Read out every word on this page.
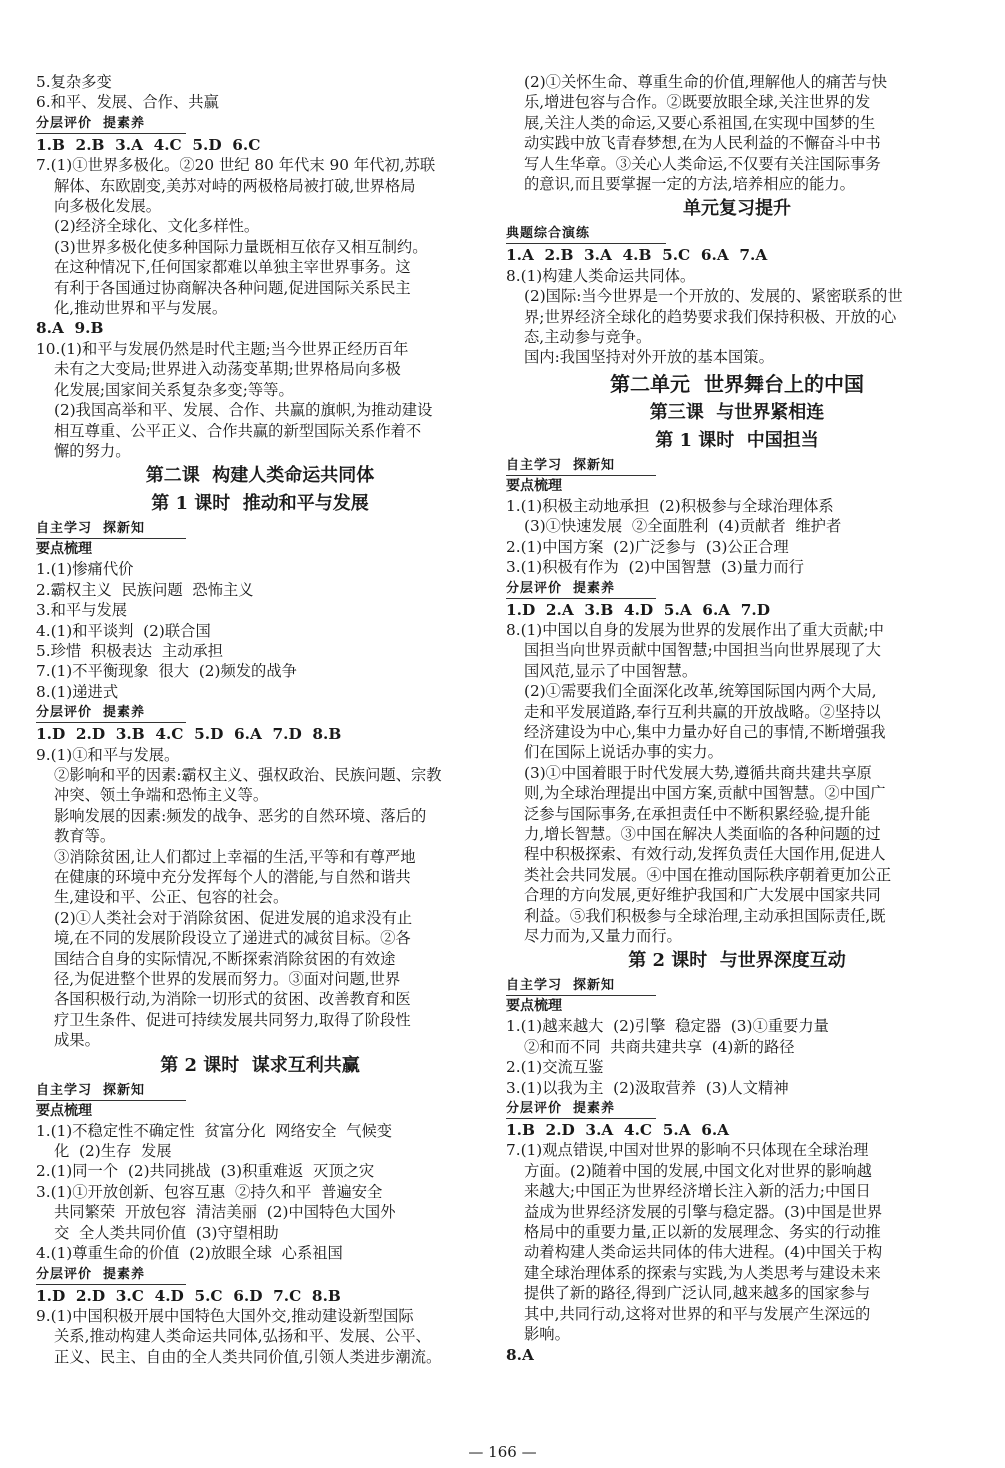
5.复杂多变
6.和平、发展、合作、共赢
分层评价  提素养
1.B  2.B  3.A  4.C  5.D  6.C
7.(1)①世界多极化。②20 世纪 80 年代末 90 年代初,苏联
解体、东欧剧变,美苏对峙的两极格局被打破,世界格局
向多极化发展。
(2)经济全球化、文化多样性。
(3)世界多极化使多种国际力量既相互依存又相互制约。
在这种情况下,任何国家都难以单独主宰世界事务。这
有利于各国通过协商解决各种问题,促进国际关系民主
化,推动世界和平与发展。
8.A  9.B
10.(1)和平与发展仍然是时代主题;当今世界正经历百年
未有之大变局;世界进入动荡变革期;世界格局向多极
化发展;国家间关系复杂多变;等等。
(2)我国高举和平、发展、合作、共赢的旗帜,为推动建设
相互尊重、公平正义、合作共赢的新型国际关系作着不
懈的努力。
第二课  构建人类命运共同体
第 1 课时  推动和平与发展
自主学习  探新知
要点梳理
1.(1)惨痛代价
2.霸权主义  民族问题  恐怖主义
3.和平与发展
4.(1)和平谈判  (2)联合国
5.珍惜  积极表达  主动承担
7.(1)不平衡现象  很大  (2)频发的战争
8.(1)递进式
分层评价  提素养
1.D  2.D  3.B  4.C  5.D  6.A  7.D  8.B
9.(1)①和平与发展。
②影响和平的因素:霸权主义、强权政治、民族问题、宗教
冲突、领土争端和恐怖主义等。
影响发展的因素:频发的战争、恶劣的自然环境、落后的
教育等。
③消除贫困,让人们都过上幸福的生活,平等和有尊严地
在健康的环境中充分发挥每个人的潜能,与自然和谐共
生,建设和平、公正、包容的社会。
(2)①人类社会对于消除贫困、促进发展的追求没有止
境,在不同的发展阶段设立了递进式的减贫目标。②各
国结合自身的实际情况,不断探索消除贫困的有效途
径,为促进整个世界的发展而努力。③面对问题,世界
各国积极行动,为消除一切形式的贫困、改善教育和医
疗卫生条件、促进可持续发展共同努力,取得了阶段性
成果。
第 2 课时  谋求互利共赢
自主学习  探新知
要点梳理
1.(1)不稳定性不确定性  贫富分化  网络安全  气候变
化  (2)生存  发展
2.(1)同一个  (2)共同挑战  (3)积重难返  灭顶之灾
3.(1)①开放创新、包容互惠  ②持久和平  普遍安全
共同繁荣  开放包容  清洁美丽  (2)中国特色大国外
交  全人类共同价值  (3)守望相助
4.(1)尊重生命的价值  (2)放眼全球  心系祖国
分层评价  提素养
1.D  2.D  3.C  4.D  5.C  6.D  7.C  8.B
9.(1)中国积极开展中国特色大国外交,推动建设新型国际
关系,推动构建人类命运共同体,弘扬和平、发展、公平、
正义、民主、自由的全人类共同价值,引领人类进步潮流。
(2)①关怀生命、尊重生命的价值,理解他人的痛苦与快
乐,增进包容与合作。②既要放眼全球,关注世界的发
展,关注人类的命运,又要心系祖国,在实现中国梦的生
动实践中放飞青春梦想,在为人民利益的不懈奋斗中书
写人生华章。③关心人类命运,不仅要有关注国际事务
的意识,而且要掌握一定的方法,培养相应的能力。
单元复习提升
典题综合演练
1.A  2.B  3.A  4.B  5.C  6.A  7.A
8.(1)构建人类命运共同体。
(2)国际:当今世界是一个开放的、发展的、紧密联系的世
界;世界经济全球化的趋势要求我们保持积极、开放的心
态,主动参与竞争。
国内:我国坚持对外开放的基本国策。
第二单元  世界舞台上的中国
第三课  与世界紧相连
第 1 课时  中国担当
自主学习  探新知
要点梳理
1.(1)积极主动地承担  (2)积极参与全球治理体系
(3)①快速发展  ②全面胜利  (4)贡献者  维护者
2.(1)中国方案  (2)广泛参与  (3)公正合理
3.(1)积极有作为  (2)中国智慧  (3)量力而行
分层评价  提素养
1.D  2.A  3.B  4.D  5.A  6.A  7.D
8.(1)中国以自身的发展为世界的发展作出了重大贡献;中
国担当向世界贡献中国智慧;中国担当向世界展现了大
国风范,显示了中国智慧。
(2)①需要我们全面深化改革,统筹国际国内两个大局,
走和平发展道路,奉行互利共赢的开放战略。②坚持以
经济建设为中心,集中力量办好自己的事情,不断增强我
们在国际上说话办事的实力。
(3)①中国着眼于时代发展大势,遵循共商共建共享原
则,为全球治理提出中国方案,贡献中国智慧。②中国广
泛参与国际事务,在承担责任中不断积累经验,提升能
力,增长智慧。③中国在解决人类面临的各种问题的过
程中积极探索、有效行动,发挥负责任大国作用,促进人
类社会共同发展。④中国在推动国际秩序朝着更加公正
合理的方向发展,更好维护我国和广大发展中国家共同
利益。⑤我们积极参与全球治理,主动承担国际责任,既
尽力而为,又量力而行。
第 2 课时  与世界深度互动
自主学习  探新知
要点梳理
1.(1)越来越大  (2)引擎  稳定器  (3)①重要力量
②和而不同  共商共建共享  (4)新的路径
2.(1)交流互鉴
3.(1)以我为主  (2)汲取营养  (3)人文精神
分层评价  提素养
1.B  2.D  3.A  4.C  5.A  6.A
7.(1)观点错误,中国对世界的影响不只体现在全球治理
方面。(2)随着中国的发展,中国文化对世界的影响越
来越大;中国正为世界经济增长注入新的活力;中国日
益成为世界经济发展的引擎与稳定器。(3)中国是世界
格局中的重要力量,正以新的发展理念、务实的行动推
动着构建人类命运共同体的伟大进程。(4)中国关于构
建全球治理体系的探索与实践,为人类思考与建设未来
提供了新的路径,得到广泛认同,越来越多的国家参与
其中,共同行动,这将对世界的和平与发展产生深远的
影响。
8.A
— 166 —
